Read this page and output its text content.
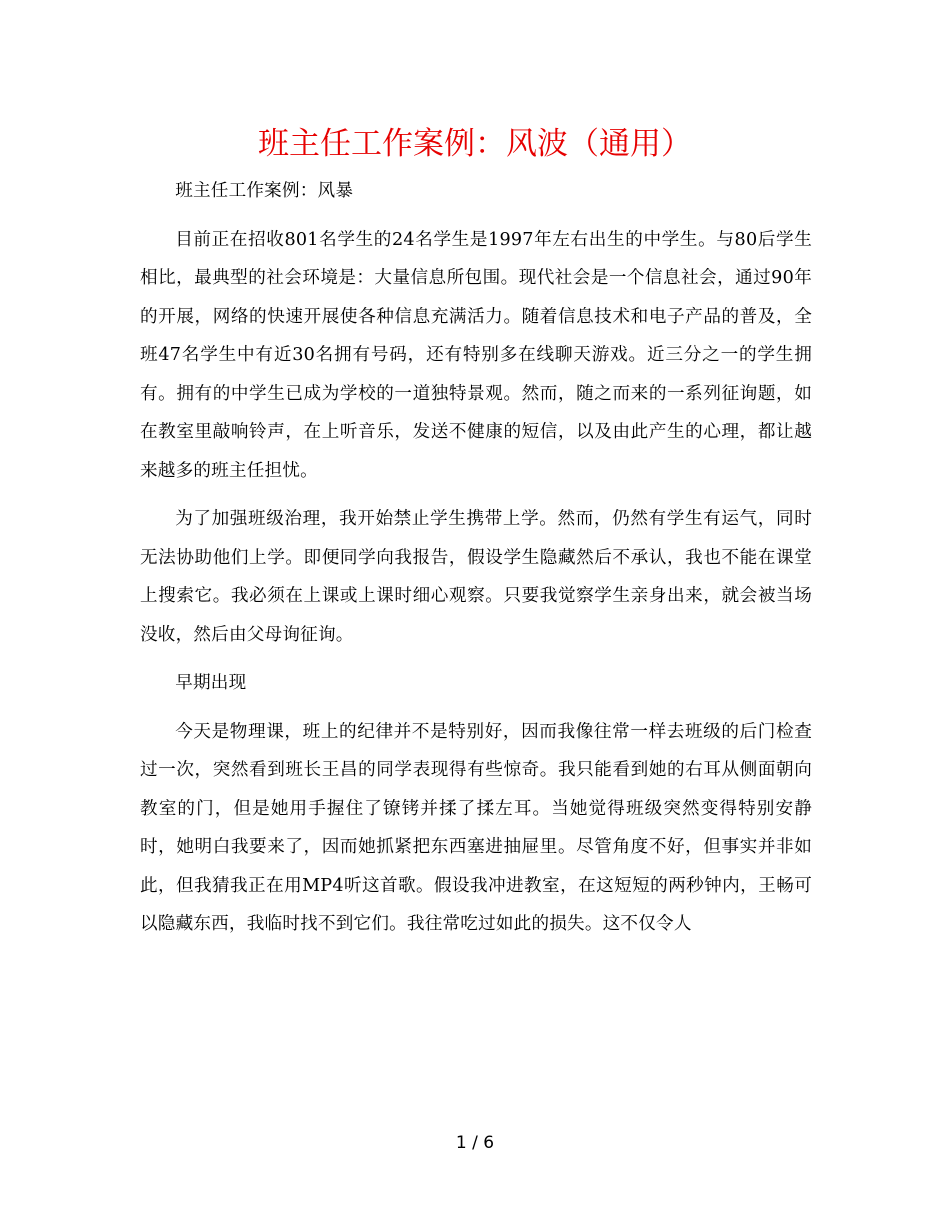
班主任工作案例：风波（通用）

班主任工作案例：风暴

目前正在招收801名学生的24名学生是1997年左右出生的中学生。与80后学生相比，最典型的社会环境是：大量信息所包围。现代社会是一个信息社会，通过90年的开展，网络的快速开展使各种信息充满活力。随着信息技术和电子产品的普及，全班47名学生中有近30名拥有号码，还有特别多在线聊天游戏。近三分之一的学生拥有。拥有的中学生已成为学校的一道独特景观。然而，随之而来的一系列征询题，如在教室里敲响铃声，在上听音乐，发送不健康的短信，以及由此产生的心理，都让越来越多的班主任担忧。

为了加强班级治理，我开始禁止学生携带上学。然而，仍然有学生有运气，同时无法协助他们上学。即便同学向我报告，假设学生隐藏然后不承认，我也不能在课堂上搜索它。我必须在上课或上课时细心观察。只要我觉察学生亲身出来，就会被当场没收，然后由父母询征询。

早期出现

今天是物理课，班上的纪律并不是特别好，因而我像往常一样去班级的后门检查过一次，突然看到班长王昌的同学表现得有些惊奇。我只能看到她的右耳从侧面朝向教室的门，但是她用手握住了镣铐并揉了揉左耳。当她觉得班级突然变得特别安静时，她明白我要来了，因而她抓紧把东西塞进抽屉里。尽管角度不好，但事实并非如此，但我猜我正在用MP4听这首歌。假设我冲进教室，在这短短的两秒钟内，王畅可以隐藏东西，我临时找不到它们。我往常吃过如此的损失。这不仅令人

1 / 6
